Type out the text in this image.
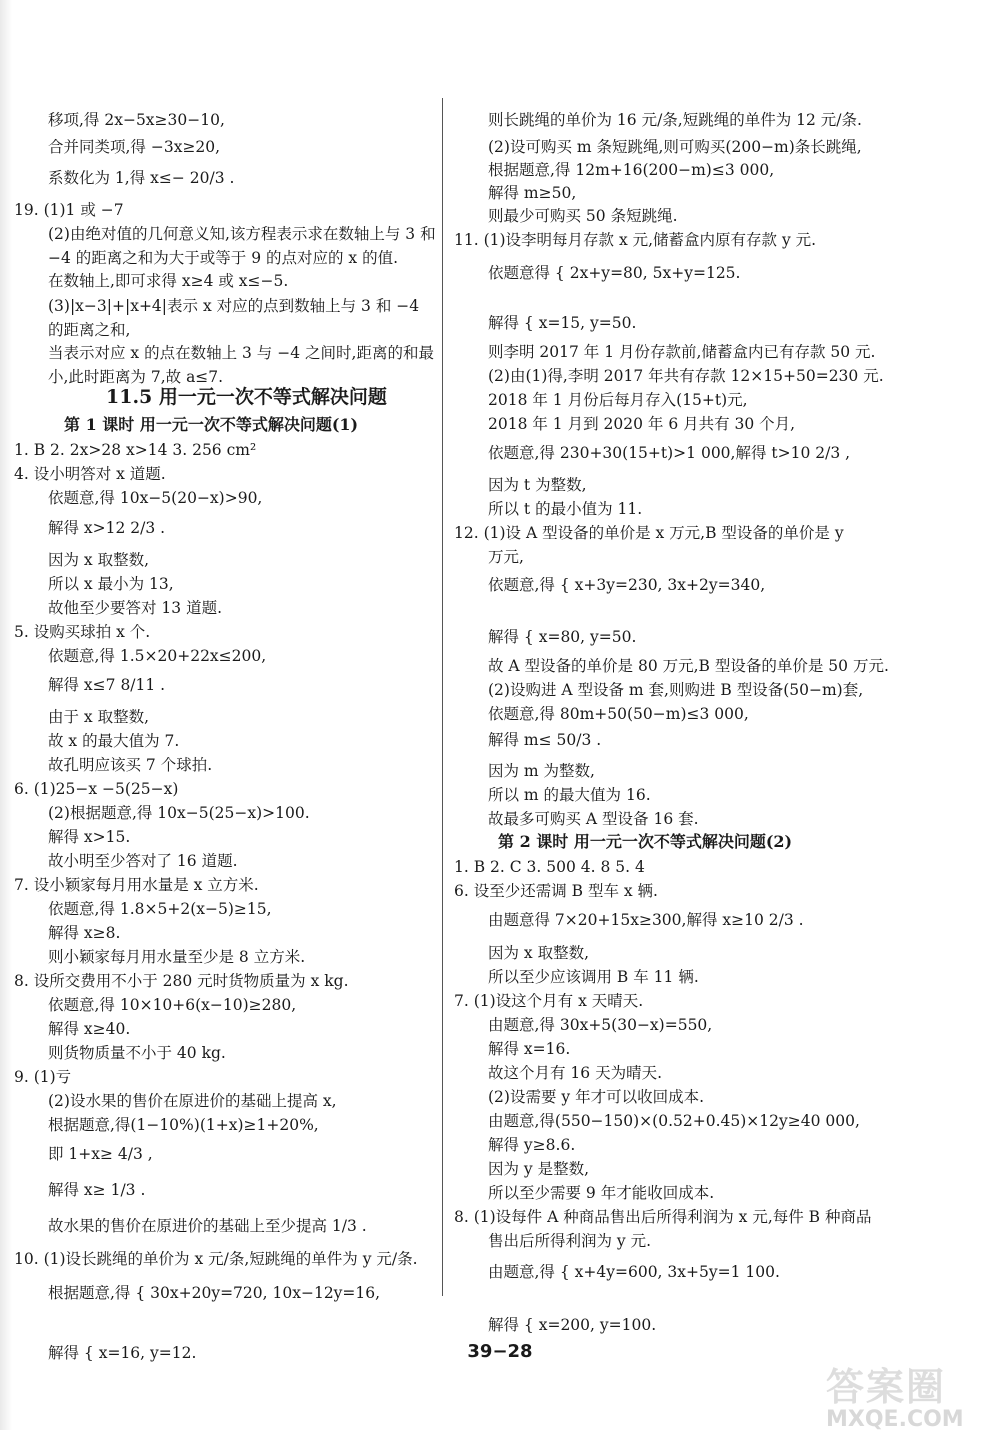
移项,得 2x−5x≥30−10,
合并同类项,得 −3x≥20,
系数化为 1,得 x≤− 20/3 .
19. (1)1 或 −7
(2)由绝对值的几何意义知,该方程表示求在数轴上与 3 和
−4 的距离之和为大于或等于 9 的点对应的 x 的值.
在数轴上,即可求得 x≥4 或 x≤−5.
(3)|x−3|+|x+4|表示 x 对应的点到数轴上与 3 和 −4
的距离之和,
当表示对应 x 的点在数轴上 3 与 −4 之间时,距离的和最
小,此时距离为 7,故 a≤7.
11.5 用一元一次不等式解决问题
第 1 课时 用一元一次不等式解决问题(1)
1. B 2. 2x>28 x>14 3. 256 cm²
4. 设小明答对 x 道题.
依题意,得 10x−5(20−x)>90,
解得 x>12 2/3 .
因为 x 取整数,
所以 x 最小为 13,
故他至少要答对 13 道题.
5. 设购买球拍 x 个.
依题意,得 1.5×20+22x≤200,
解得 x≤7 8/11 .
由于 x 取整数,
故 x 的最大值为 7.
故孔明应该买 7 个球拍.
6. (1)25−x −5(25−x)
(2)根据题意,得 10x−5(25−x)>100.
解得 x>15.
故小明至少答对了 16 道题.
7. 设小颖家每月用水量是 x 立方米.
依题意,得 1.8×5+2(x−5)≥15,
解得 x≥8.
则小颖家每月用水量至少是 8 立方米.
8. 设所交费用不小于 280 元时货物质量为 x kg.
依题意,得 10×10+6(x−10)≥280,
解得 x≥40.
则货物质量不小于 40 kg.
9. (1)亏
(2)设水果的售价在原进价的基础上提高 x,
根据题意,得(1−10%)(1+x)≥1+20%,
即 1+x≥ 4/3 ,
解得 x≥ 1/3 .
故水果的售价在原进价的基础上至少提高 1/3 .
10. (1)设长跳绳的单价为 x 元/条,短跳绳的单件为 y 元/条.
根据题意,得 { 30x+20y=720, 10x−12y=16,
解得 { x=16, y=12.
则长跳绳的单价为 16 元/条,短跳绳的单件为 12 元/条.
(2)设可购买 m 条短跳绳,则可购买(200−m)条长跳绳,
根据题意,得 12m+16(200−m)≤3 000,
解得 m≥50,
则最少可购买 50 条短跳绳.
11. (1)设李明每月存款 x 元,储蓄盒内原有存款 y 元.
依题意得 { 2x+y=80, 5x+y=125.
解得 { x=15, y=50.
则李明 2017 年 1 月份存款前,储蓄盒内已有存款 50 元.
(2)由(1)得,李明 2017 年共有存款 12×15+50=230 元.
2018 年 1 月份后每月存入(15+t)元,
2018 年 1 月到 2020 年 6 月共有 30 个月,
依题意,得 230+30(15+t)>1 000,解得 t>10 2/3 ,
因为 t 为整数,
所以 t 的最小值为 11.
12. (1)设 A 型设备的单价是 x 万元,B 型设备的单价是 y
万元,
依题意,得 { x+3y=230, 3x+2y=340,
解得 { x=80, y=50.
故 A 型设备的单价是 80 万元,B 型设备的单价是 50 万元.
(2)设购进 A 型设备 m 套,则购进 B 型设备(50−m)套,
依题意,得 80m+50(50−m)≤3 000,
解得 m≤ 50/3 .
因为 m 为整数,
所以 m 的最大值为 16.
故最多可购买 A 型设备 16 套.
第 2 课时 用一元一次不等式解决问题(2)
1. B 2. C 3. 500 4. 8 5. 4
6. 设至少还需调 B 型车 x 辆.
由题意得 7×20+15x≥300,解得 x≥10 2/3 .
因为 x 取整数,
所以至少应该调用 B 车 11 辆.
7. (1)设这个月有 x 天晴天.
由题意,得 30x+5(30−x)=550,
解得 x=16.
故这个月有 16 天为晴天.
(2)设需要 y 年才可以收回成本.
由题意,得(550−150)×(0.52+0.45)×12y≥40 000,
解得 y≥8.6.
因为 y 是整数,
所以至少需要 9 年才能收回成本.
8. (1)设每件 A 种商品售出后所得利润为 x 元,每件 B 种商品
售出后所得利润为 y 元.
由题意,得 { x+4y=600, 3x+5y=1 100.
解得 { x=200, y=100.
39−28
答案圈
MXQE.COM
